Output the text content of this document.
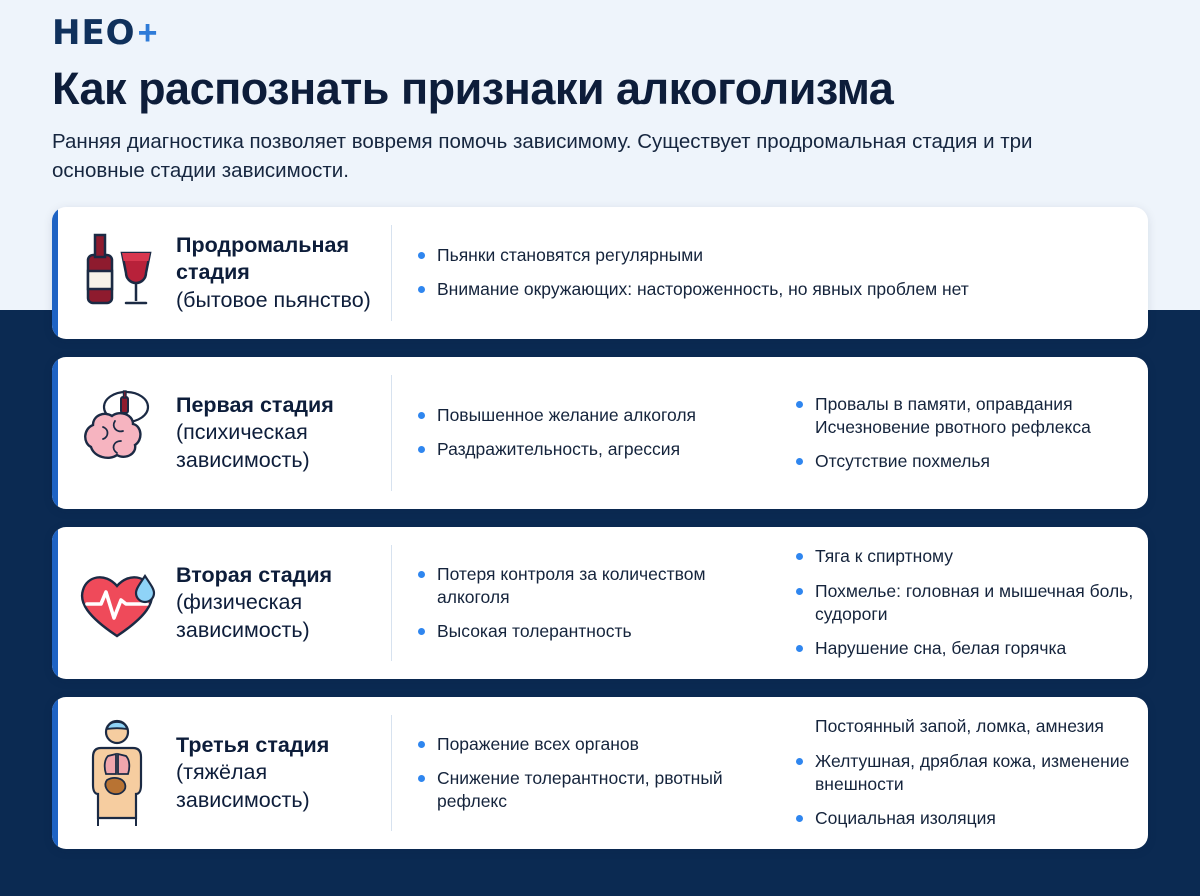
HEO +
Как распознать признаки алкоголизма

Ранняя диагностика позволяет вовремя помочь зависимому. Существует продромальная стадия и три основные стадии зависимости.

Продромальная стадия
(бытовое пьянство)
Пьянки становятся регулярными
Внимание окружающих: настороженность, но явных проблем нет
Первая стадия
(психическая зависимость)
Повышенное желание алкоголя
Раздражительность, агрессия
Провалы в памяти, оправдания Исчезновение рвотного рефлекса
Отсутствие похмелья
Вторая стадия
(физическая зависимость)
Потеря контроля за количеством алкоголя
Высокая толерантность
Тяга к спиртному
Похмелье: головная и мышечная боль, судороги
Нарушение сна, белая горячка
Третья стадия
(тяжёлая зависимость)
Поражение всех органов
Снижение толерантности, рвотный рефлекс
Постоянный запой, ломка, амнезия
Желтушная, дряблая кожа, изменение внешности
Социальная изоляция
